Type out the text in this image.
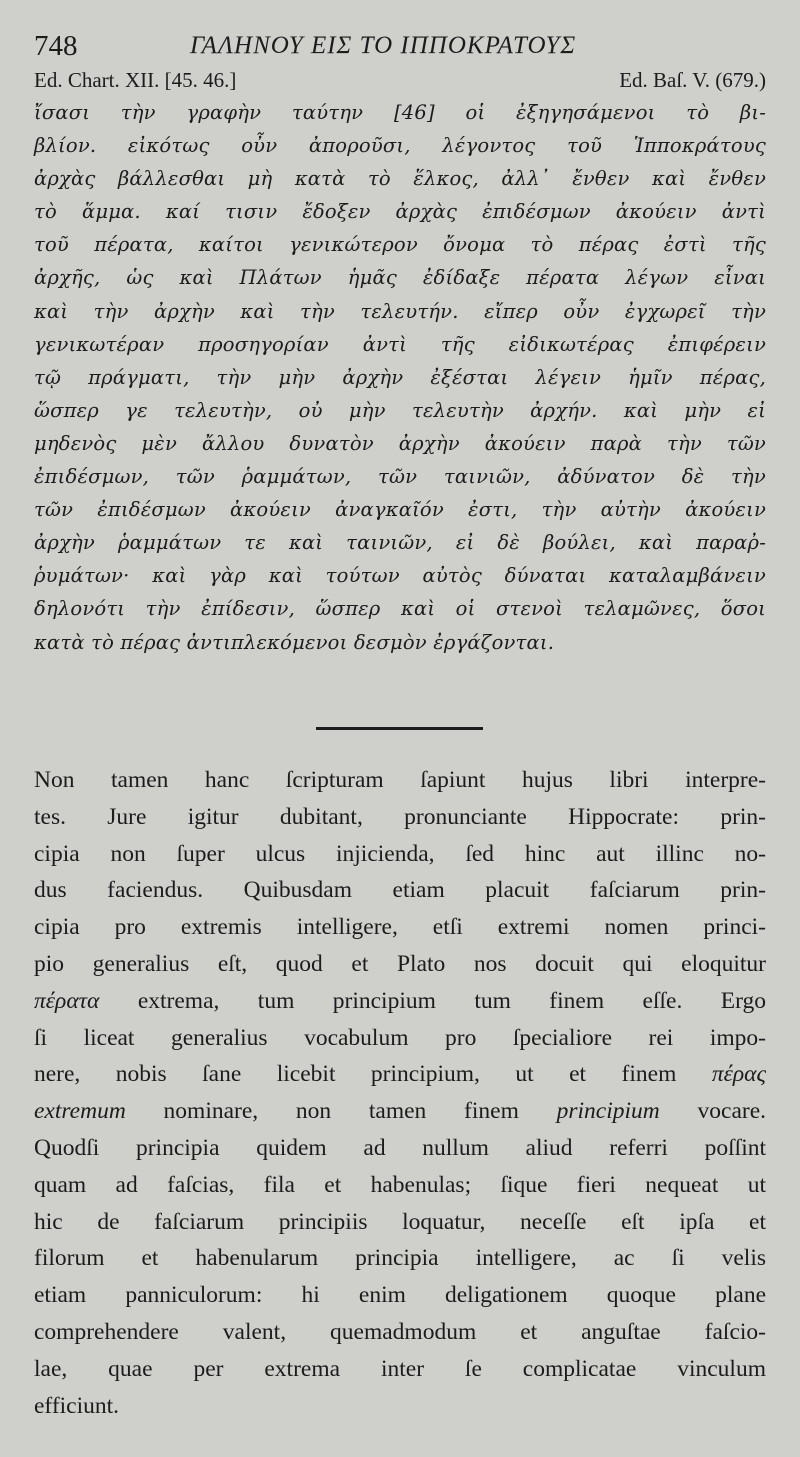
748	ΓΑΛΗΝΟΥ ΕΙΣ ΤΟ ΙΠΠΟΚΡΑΤΟΥΣ
Ed. Chart. XII. [45. 46.]	Ed. Baſ. V. (679.)
ἴσασι τὴν γραφὴν ταύτην [46] οἱ ἐξηγησάμενοι τὸ βι-
βλίον. εἰκότως οὖν ἀποροῦσι, λέγοντος τοῦ Ἱπποκράτους
ἀρχὰς βάλλεσθαι μὴ κατὰ τὸ ἕλκος, ἀλλ᾽ ἔνθεν καὶ ἔνθεν
τὸ ἅμμα. καί τισιν ἔδοξεν ἀρχὰς ἐπιδέσμων ἀκούειν ἀντὶ
τοῦ πέρατα, καίτοι γενικώτερον ὄνομα τὸ πέρας ἐστὶ τῆς
ἀρχῆς, ὡς καὶ Πλάτων ἡμᾶς ἐδίδαξε πέρατα λέγων εἶναι
καὶ τὴν ἀρχὴν καὶ τὴν τελευτήν. εἴπερ οὖν ἐγχωρεῖ τὴν
γενικωτέραν προσηγορίαν ἀντὶ τῆς εἰδικωτέρας ἐπιφέρειν
τῷ πράγματι, τὴν μὴν ἀρχὴν ἐξέσται λέγειν ἡμῖν πέρας,
ὥσπερ γε τελευτὴν, οὐ μὴν τελευτὴν ἀρχήν. καὶ μὴν εἰ
μηδενὸς μὲν ἄλλου δυνατὸν ἀρχὴν ἀκούειν παρὰ τὴν τῶν
ἐπιδέσμων, τῶν ῥαμμάτων, τῶν ταινιῶν, ἀδύνατον δὲ τὴν
τῶν ἐπιδέσμων ἀκούειν ἀναγκαῖόν ἐστι, τὴν αὐτὴν ἀκούειν
ἀρχὴν ῥαμμάτων τε καὶ ταινιῶν, εἰ δὲ βούλει, καὶ παραῤ-
ῥυμάτων· καὶ γὰρ καὶ τούτων αὐτὸς δύναται καταλαμβάνειν
δηλονότι τὴν ἐπίδεσιν, ὥσπερ καὶ οἱ στενοὶ τελαμῶνες, ὅσοι
κατὰ τὸ πέρας ἀντιπλεκόμενοι δεσμὸν ἐργάζονται.
Non tamen hanc ſcripturam ſapiunt hujus libri interpre-
tes. Jure igitur dubitant, pronunciante Hippocrate: prin-
cipia non ſuper ulcus injicienda, ſed hinc aut illinc no-
dus faciendus. Quibusdam etiam placuit faſciarum prin-
cipia pro extremis intelligere, etſi extremi nomen princi-
pio generalius eſt, quod et Plato nos docuit qui eloquitur
πέρατα extrema, tum principium tum finem eſſe. Ergo
ſi liceat generalius vocabulum pro ſpecialiore rei impo-
nere, nobis ſane licebit principium, ut et finem πέρας
extremum nominare, non tamen finem principium vocare.
Quodſi principia quidem ad nullum aliud referri poſſint
quam ad faſcias, fila et habenulas; ſique fieri nequeat ut
hic de faſciarum principiis loquatur, neceſſe eſt ipſa et
filorum et habenularum principia intelligere, ac ſi velis
etiam panniculorum: hi enim deligationem quoque plane
comprehendere valent, quemadmodum et anguſtae faſcio-
lae, quae per extrema inter ſe complicatae vinculum
efficiunt.
